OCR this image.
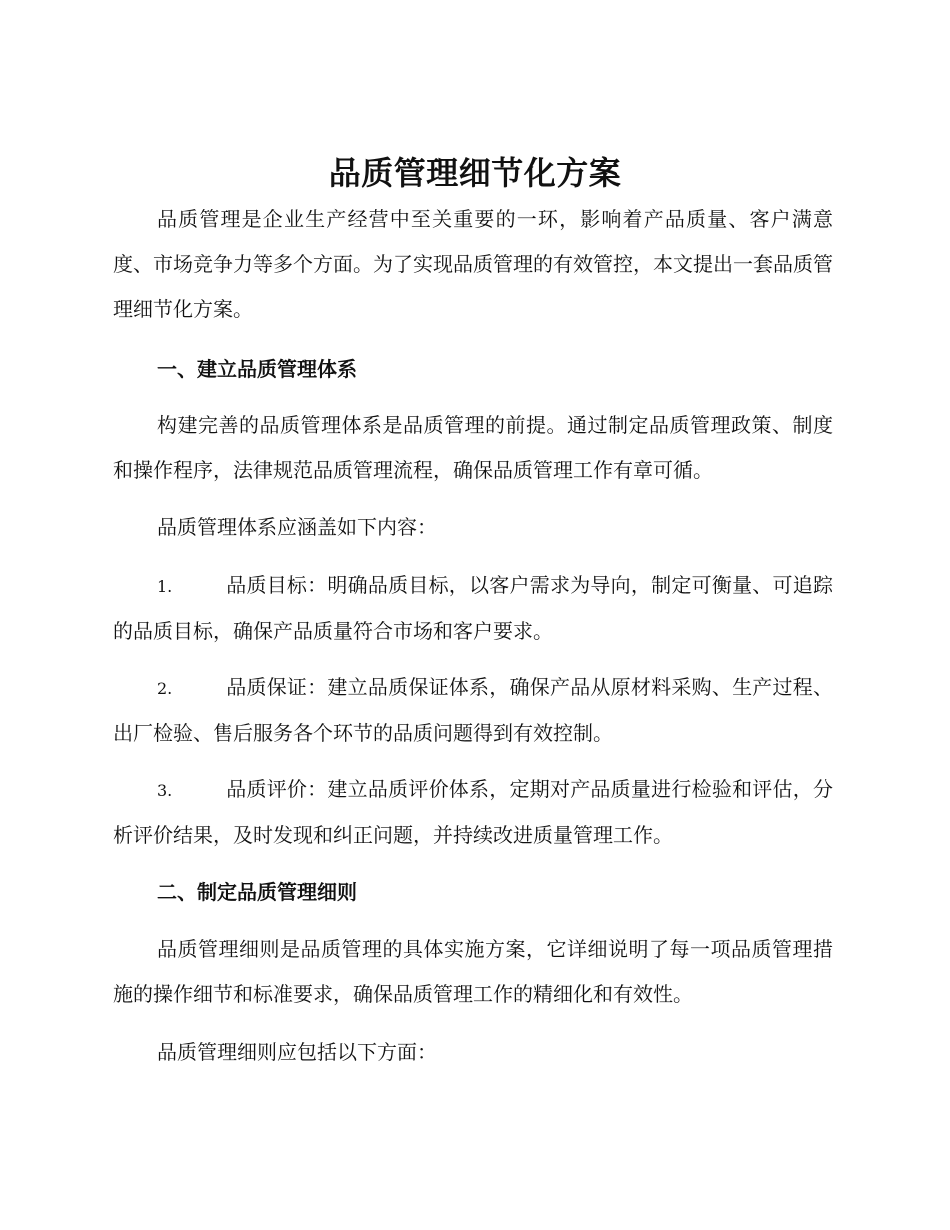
品质管理细节化方案
品质管理是企业生产经营中至关重要的一环，影响着产品质量、客户满意度、市场竞争力等多个方面。为了实现品质管理的有效管控，本文提出一套品质管理细节化方案。
一、建立品质管理体系
构建完善的品质管理体系是品质管理的前提。通过制定品质管理政策、制度和操作程序，法律规范品质管理流程，确保品质管理工作有章可循。
品质管理体系应涵盖如下内容：
1.	品质目标：明确品质目标，以客户需求为导向，制定可衡量、可追踪的品质目标，确保产品质量符合市场和客户要求。
2.	品质保证：建立品质保证体系，确保产品从原材料采购、生产过程、出厂检验、售后服务各个环节的品质问题得到有效控制。
3.	品质评价：建立品质评价体系，定期对产品质量进行检验和评估，分析评价结果，及时发现和纠正问题，并持续改进质量管理工作。
二、制定品质管理细则
品质管理细则是品质管理的具体实施方案，它详细说明了每一项品质管理措施的操作细节和标准要求，确保品质管理工作的精细化和有效性。
品质管理细则应包括以下方面：
